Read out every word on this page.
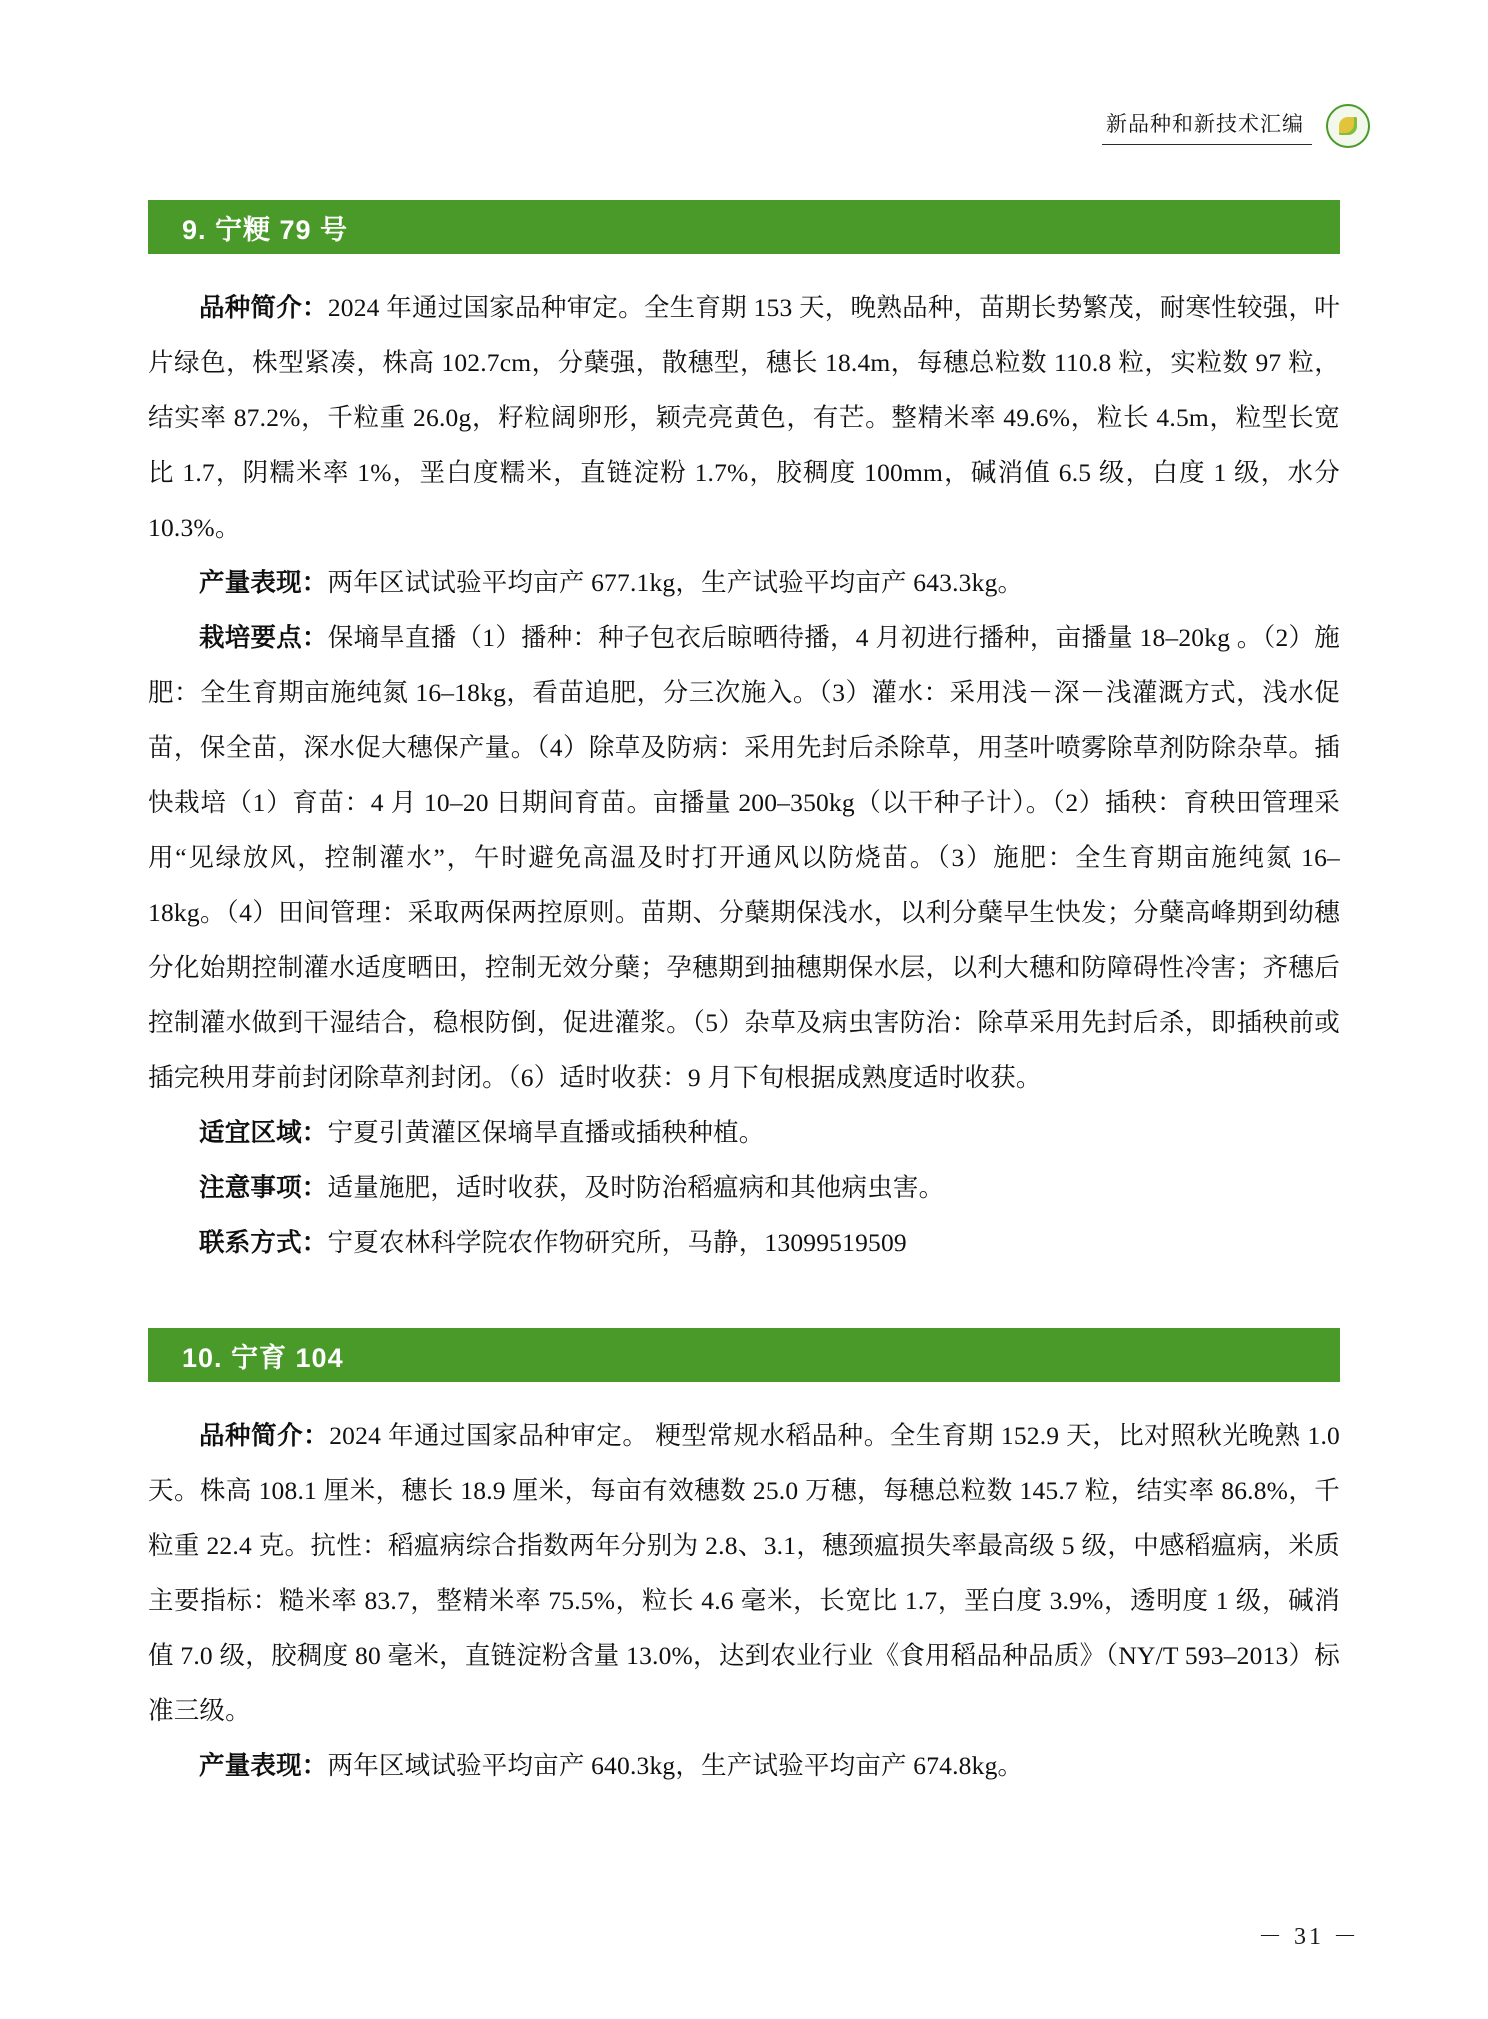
新品种和新技术汇编
9. 宁粳 79 号

品种简介：2024 年通过国家品种审定。全生育期 153 天，晚熟品种，苗期长势繁茂，耐寒性较强，叶片绿色，株型紧凑，株高 102.7cm，分蘖强，散穗型，穗长 18.4m，每穗总粒数 110.8 粒，实粒数 97 粒，结实率 87.2%，千粒重 26.0g，籽粒阔卵形，颖壳亮黄色，有芒。整精米率 49.6%，粒长 4.5m，粒型长宽比 1.7，阴糯米率 1%，垩白度糯米，直链淀粉 1.7%，胶稠度 100mm，碱消值 6.5 级，白度 1 级，水分 10.3%。

产量表现：两年区试试验平均亩产 677.1kg，生产试验平均亩产 643.3kg。

栽培要点：保墒旱直播（1）播种：种子包衣后晾晒待播，4 月初进行播种，亩播量 18–20kg 。（2）施肥：全生育期亩施纯氮 16–18kg，看苗追肥，分三次施入。（3）灌水：采用浅－深－浅灌溉方式，浅水促苗，保全苗，深水促大穗保产量。（4）除草及防病：采用先封后杀除草，用茎叶喷雾除草剂防除杂草。插快栽培（1）育苗：4 月 10–20 日期间育苗。亩播量 200–350kg（以干种子计）。（2）插秧：育秧田管理采用“见绿放风，控制灌水”，午时避免高温及时打开通风以防烧苗。（3）施肥：全生育期亩施纯氮 16–18kg。（4）田间管理：采取两保两控原则。苗期、分蘖期保浅水，以利分蘖早生快发；分蘖高峰期到幼穗分化始期控制灌水适度晒田，控制无效分蘖；孕穗期到抽穗期保水层，以利大穗和防障碍性冷害；齐穗后控制灌水做到干湿结合，稳根防倒，促进灌浆。（5）杂草及病虫害防治：除草采用先封后杀，即插秧前或插完秧用芽前封闭除草剂封闭。（6）适时收获：9 月下旬根据成熟度适时收获。

适宜区域：宁夏引黄灌区保墒旱直播或插秧种植。

注意事项：适量施肥，适时收获，及时防治稻瘟病和其他病虫害。

联系方式：宁夏农林科学院农作物研究所，马静，13099519509

10. 宁育 104

品种简介：2024 年通过国家品种审定。 粳型常规水稻品种。全生育期 152.9 天，比对照秋光晚熟 1.0 天。株高 108.1 厘米，穗长 18.9 厘米，每亩有效穗数 25.0 万穗，每穗总粒数 145.7 粒，结实率 86.8%，千粒重 22.4 克。抗性：稻瘟病综合指数两年分别为 2.8、3.1，穗颈瘟损失率最高级 5 级，中感稻瘟病，米质主要指标：糙米率 83.7，整精米率 75.5%，粒长 4.6 毫米，长宽比 1.7，垩白度 3.9%，透明度 1 级，碱消值 7.0 级，胶稠度 80 毫米，直链淀粉含量 13.0%，达到农业行业《食用稻品种品质》（NY/T 593–2013）标准三级。

产量表现：两年区域试验平均亩产 640.3kg，生产试验平均亩产 674.8kg。

－ 31 －
